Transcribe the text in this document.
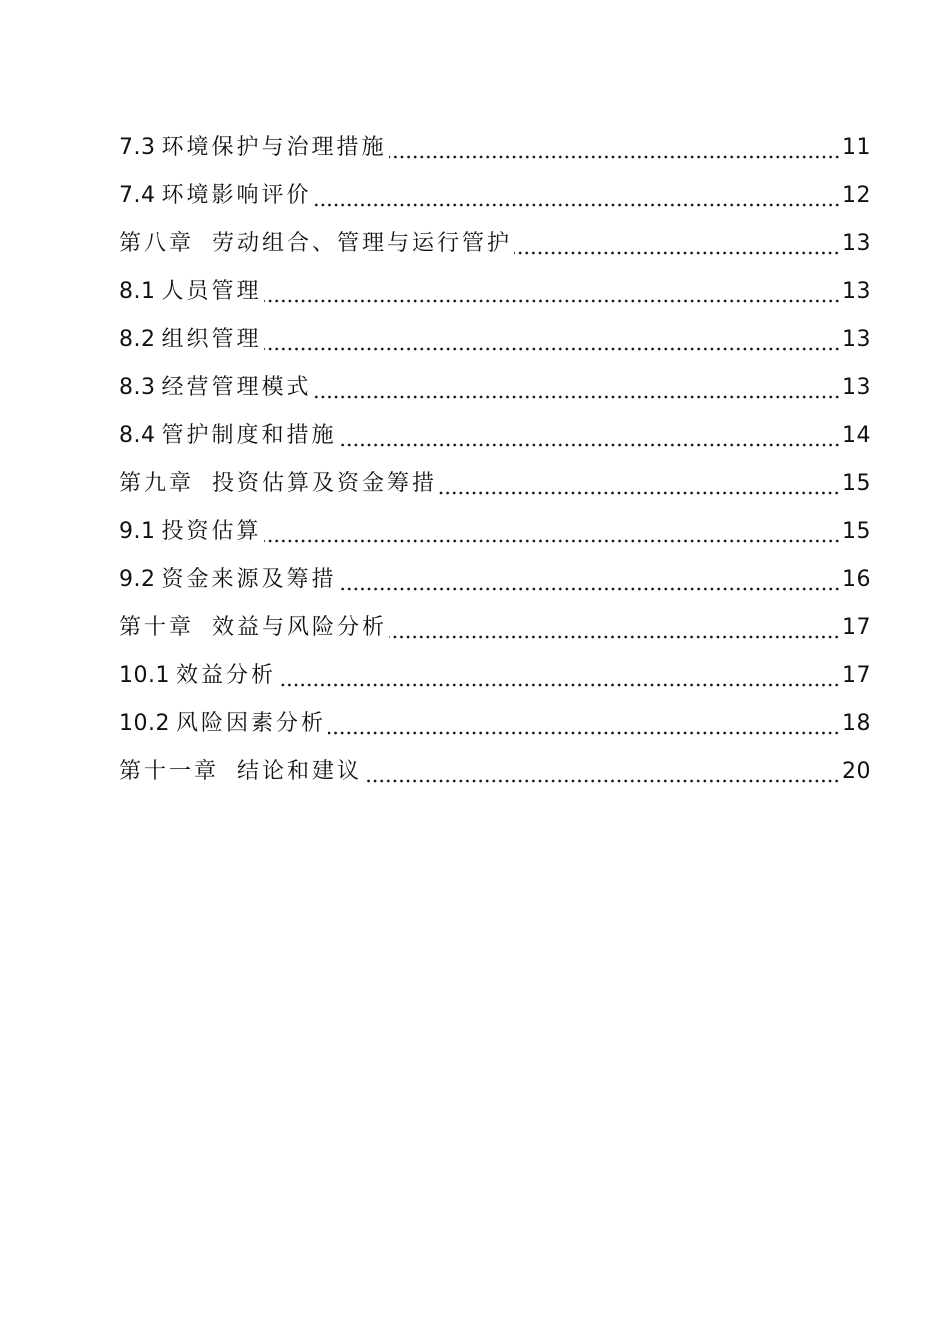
7.3 环境保护与治理措施	11
7.4 环境影响评价	12
第八章 劳动组合、管理与运行管护	13
8.1 人员管理	13
8.2 组织管理	13
8.3 经营管理模式	13
8.4 管护制度和措施	14
第九章 投资估算及资金筹措	15
9.1 投资估算	15
9.2 资金来源及筹措	16
第十章 效益与风险分析	17
10.1 效益分析	17
10.2 风险因素分析	18
第十一章 结论和建议	20
